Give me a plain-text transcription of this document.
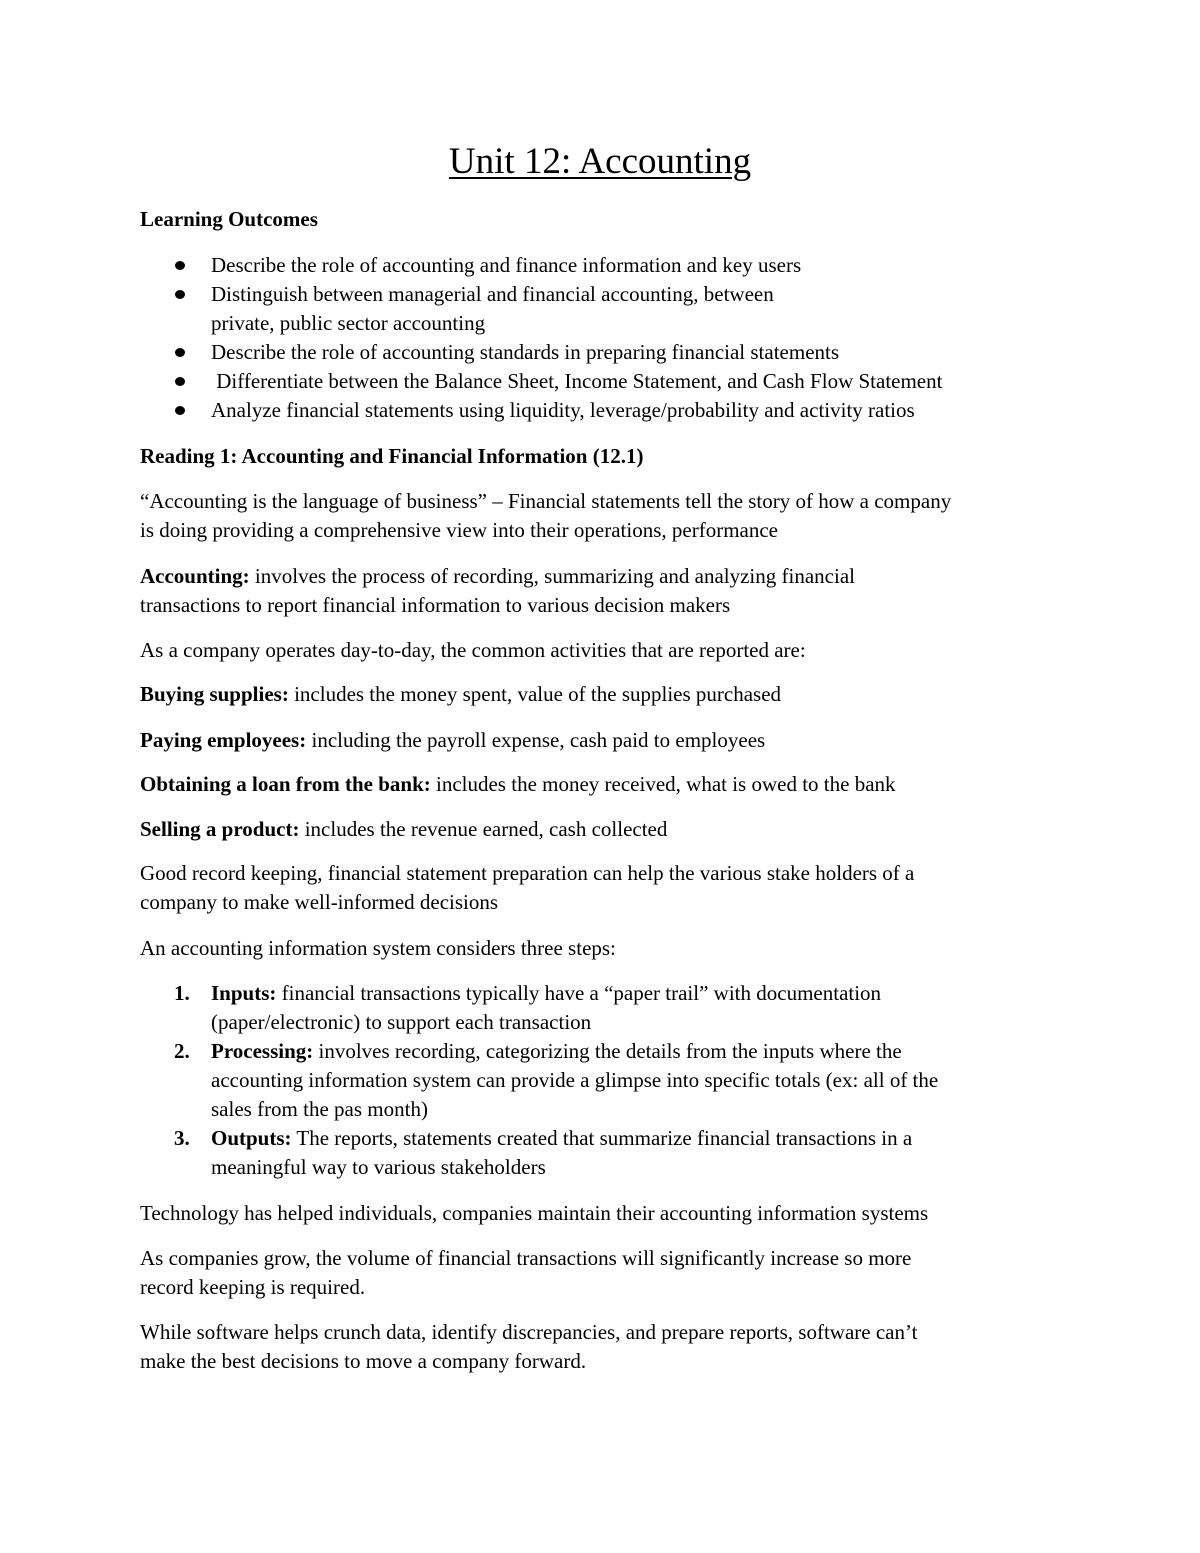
Unit 12: Accounting
Learning Outcomes
Describe the role of accounting and finance information and key users
Distinguish between managerial and financial accounting, between
private, public sector accounting
Describe the role of accounting standards in preparing financial statements
Differentiate between the Balance Sheet, Income Statement, and Cash Flow Statement
Analyze financial statements using liquidity, leverage/probability and activity ratios
Reading 1: Accounting and Financial Information (12.1)
“Accounting is the language of business” – Financial statements tell the story of how a company
is doing providing a comprehensive view into their operations, performance
Accounting: involves the process of recording, summarizing and analyzing financial
transactions to report financial information to various decision makers
As a company operates day-to-day, the common activities that are reported are:
Buying supplies: includes the money spent, value of the supplies purchased
Paying employees: including the payroll expense, cash paid to employees
Obtaining a loan from the bank: includes the money received, what is owed to the bank
Selling a product: includes the revenue earned, cash collected
Good record keeping, financial statement preparation can help the various stake holders of a
company to make well-informed decisions
An accounting information system considers three steps:
1. Inputs: financial transactions typically have a “paper trail” with documentation
(paper/electronic) to support each transaction
2. Processing: involves recording, categorizing the details from the inputs where the
accounting information system can provide a glimpse into specific totals (ex: all of the
sales from the pas month)
3. Outputs: The reports, statements created that summarize financial transactions in a
meaningful way to various stakeholders
Technology has helped individuals, companies maintain their accounting information systems
As companies grow, the volume of financial transactions will significantly increase so more
record keeping is required.
While software helps crunch data, identify discrepancies, and prepare reports, software can’t
make the best decisions to move a company forward.
